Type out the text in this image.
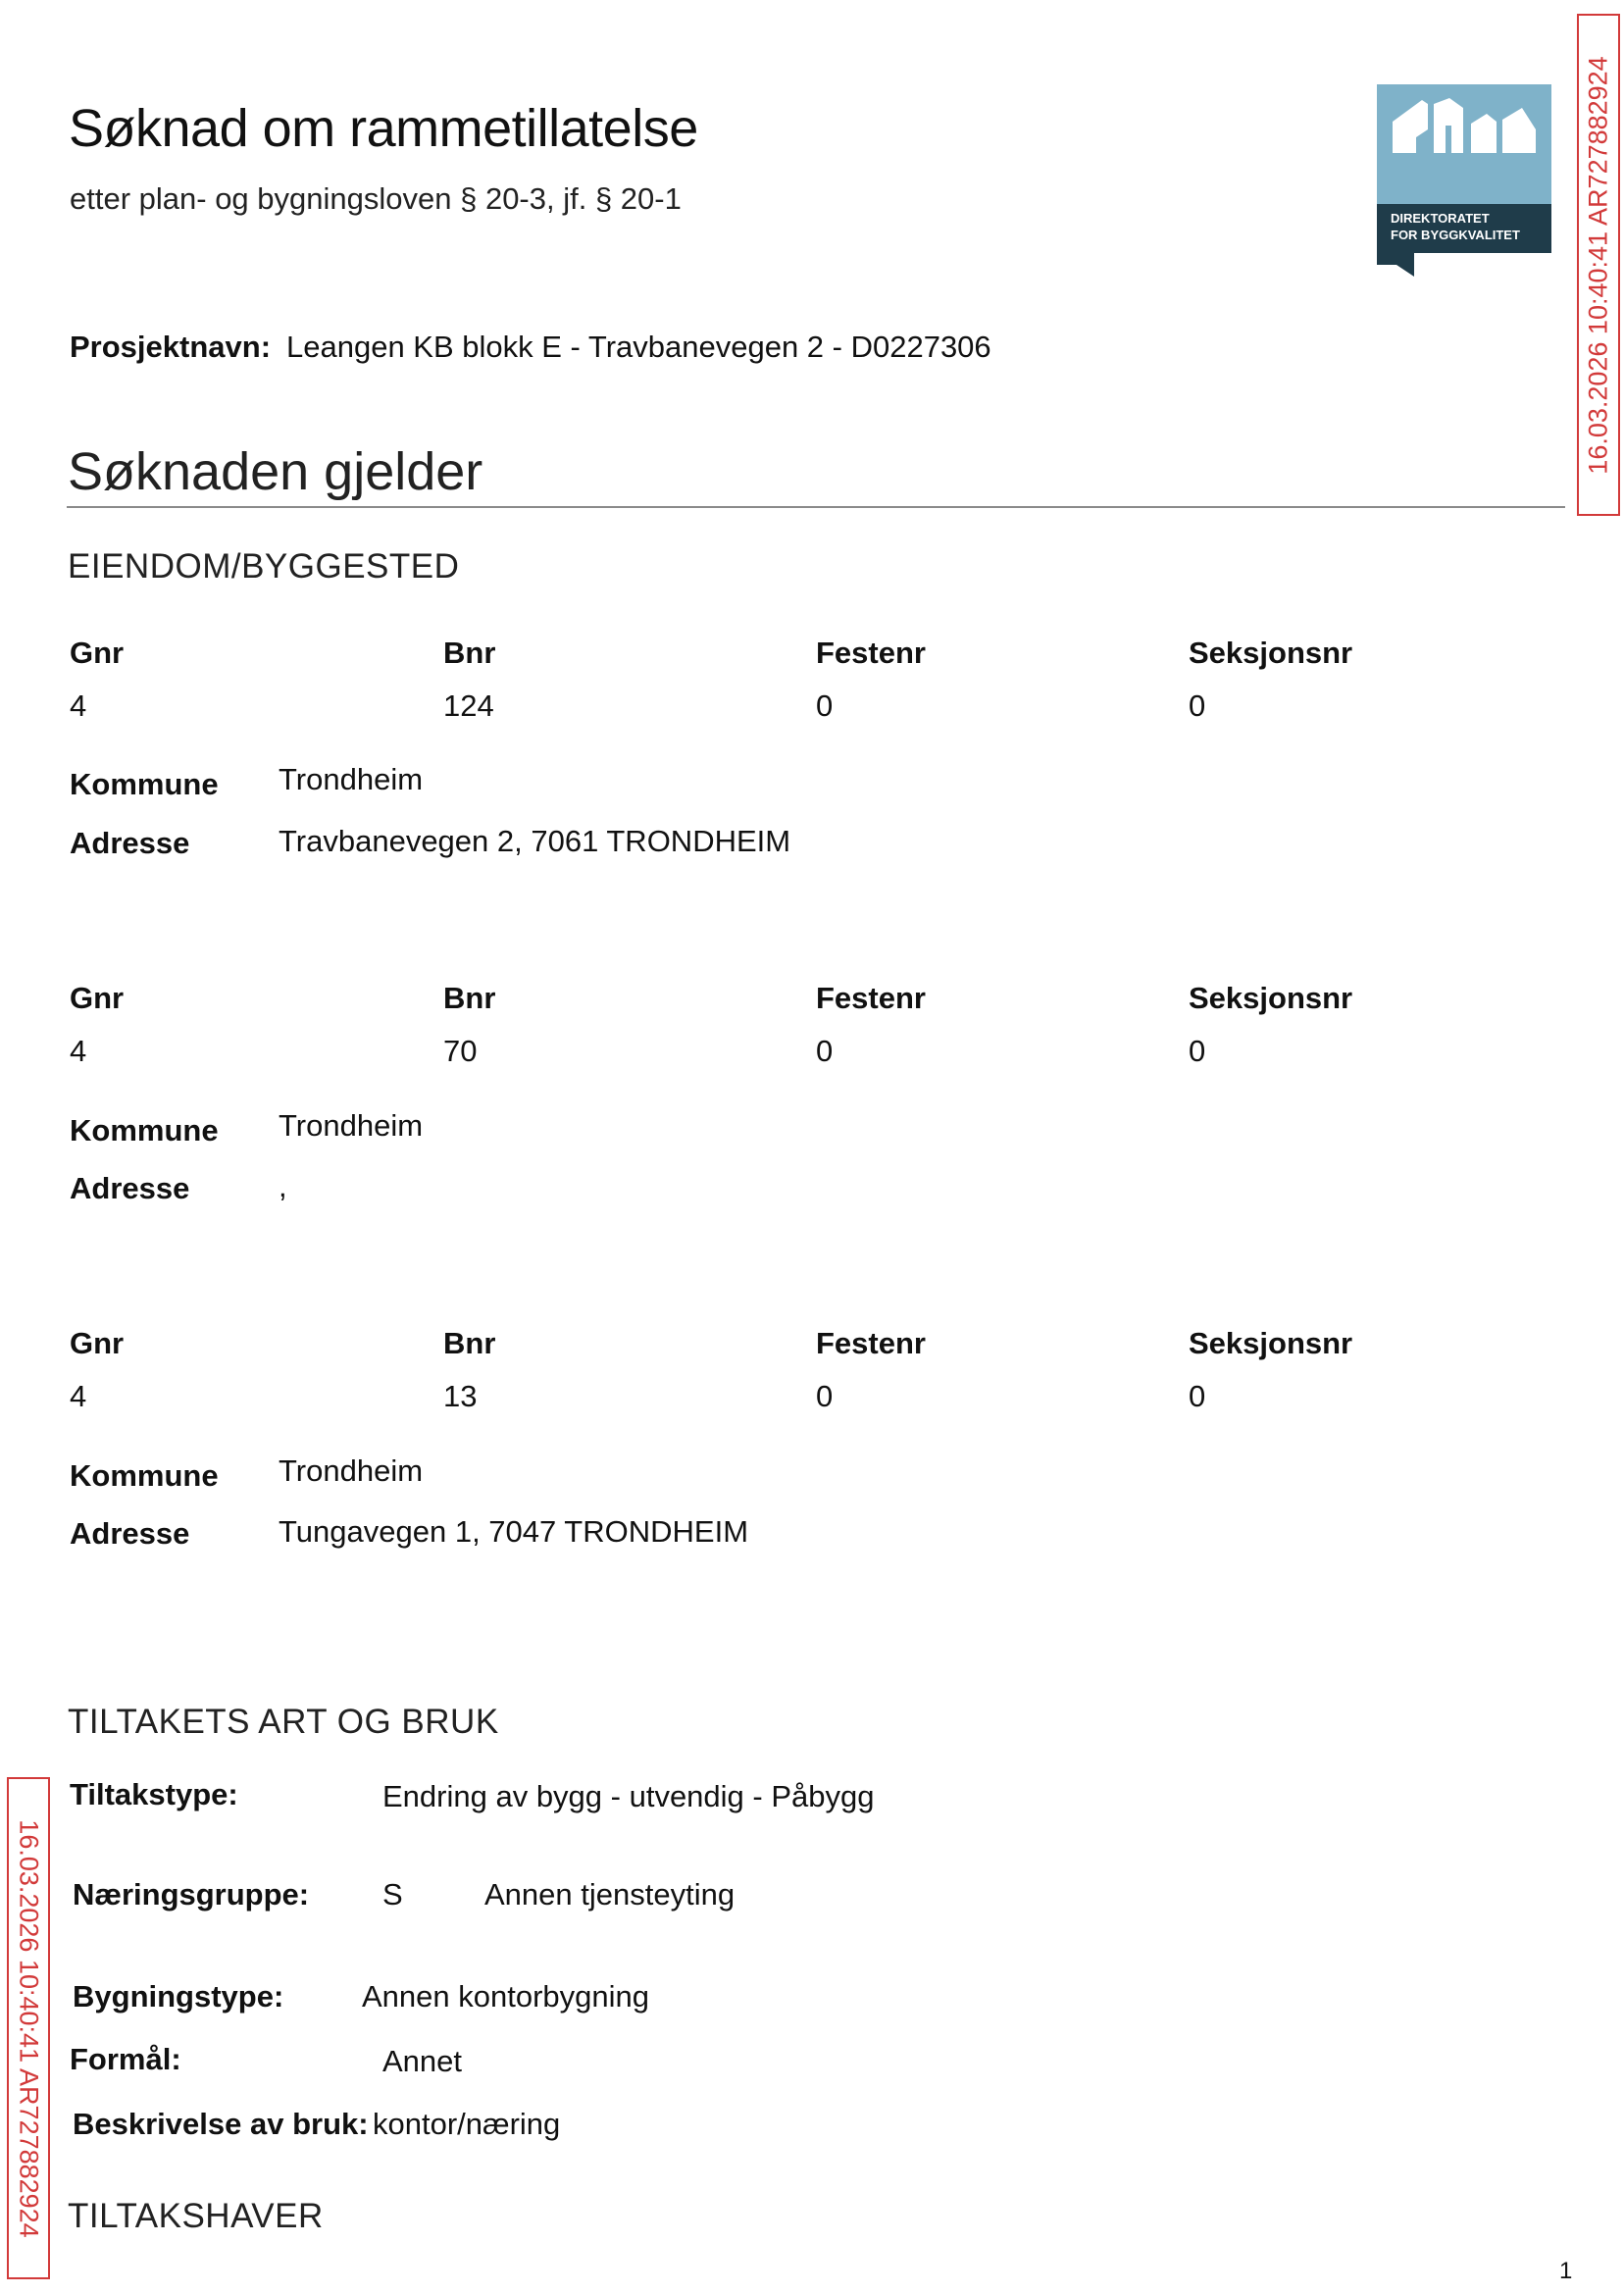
Søknad om rammetillatelse
etter plan- og bygningsloven § 20-3, jf. § 20-1
DIREKTORATET
FOR BYGGKVALITET 16.03.2026 10:40:41 AR727882924
Prosjektnavn: Leangen KB blokk E - Travbanevegen 2 - D0227306
Søknaden gjelder
EIENDOM/BYGGESTED
Gnr	Bnr	Festenr	Seksjonsnr
4	124	0	0
Kommune Trondheim
Adresse	Travbanevegen 2, 7061 TRONDHEIM
Gnr	Bnr	Festenr	Seksjonsnr
4	70	0	0
Kommune Trondheim
Adresse	,
Gnr	Bnr	Festenr	Seksjonsnr
4	13	0	0
Kommune Trondheim
Adresse	Tungavegen 1, 7047 TRONDHEIM
TILTAKETS ART OG BRUK
Tiltakstype:	Endring av bygg - utvendig - Påbygg
Næringsgruppe: S	Annen tjensteyting
Bygningstype:	Annen kontorbygning
Formål:	Annet
Beskrivelse av bruk: kontor/næring
16.03.2026 10:40:41 AR727882924 TILTAKSHAVER
1
